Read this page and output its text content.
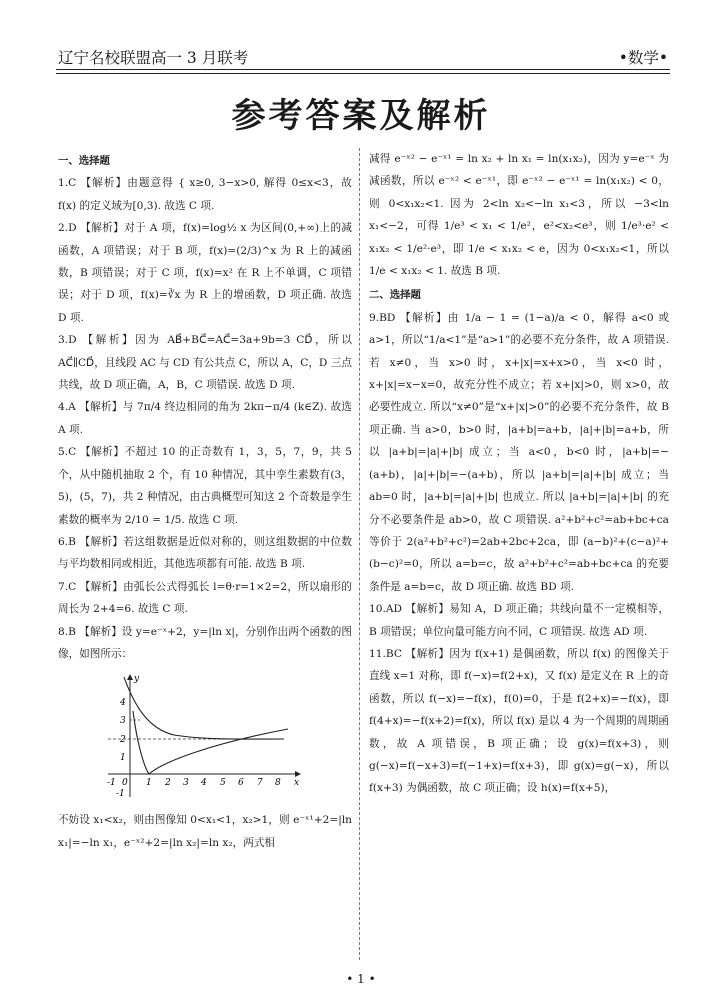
辽宁名校联盟高一 3 月联考	•数学•
参考答案及解析

一、选择题

1.C 【解析】由题意得 { x≥0, 3−x>0, 解得 0≤x<3，故 f(x) 的定义域为[0,3). 故选 C 项.

2.D 【解析】对于 A 项，f(x)=log½ x 为区间(0,+∞)上的减函数，A 项错误；对于 B 项，f(x)=(2/3)^x 为 R 上的减函数，B 项错误；对于 C 项，f(x)=x² 在 R 上不单调，C 项错误；对于 D 项，f(x)=∛x 为 R 上的增函数，D 项正确. 故选 D 项.

3.D 【解析】因为 AB⃗+BC⃗=AC⃗=3a+9b=3 CD⃗，所以 AC⃗∥CD⃗，且线段 AC 与 CD 有公共点 C，所以 A，C，D 三点共线，故 D 项正确，A，B，C 项错误. 故选 D 项.

4.A 【解析】与 7π/4 终边相同的角为 2kπ−π/4 (k∈Z). 故选 A 项.

5.C 【解析】不超过 10 的正奇数有 1，3，5，7，9，共 5 个，从中随机抽取 2 个，有 10 种情况，其中孪生素数有(3，5)，(5，7)，共 2 种情况，由古典概型可知这 2 个奇数是孪生素数的概率为 2/10 = 1/5. 故选 C 项.

6.B 【解析】若这组数据是近似对称的，则这组数据的中位数与平均数相同或相近，其他选项都有可能. 故选 B 项.

7.C 【解析】由弧长公式得弧长 l=θ·r=1×2=2，所以扇形的周长为 2+4=6. 故选 C 项.

8.B 【解析】设 y=e⁻ˣ+2，y=|ln x|，分别作出两个函数的图像，如图所示：

y
x
4
3
2
1
-1
-1 0 1 2 3 4 5 6 7 8

不妨设 x₁<x₂，则由图像知 0<x₁<1，x₂>1，则 e⁻ˣ¹+2=|ln x₁|=−ln x₁，e⁻ˣ²+2=|ln x₂|=ln x₂，两式相

减得 e⁻ˣ² − e⁻ˣ¹ = ln x₂ + ln x₁ = ln(x₁x₂)，因为 y=e⁻ˣ 为减函数，所以 e⁻ˣ² < e⁻ˣ¹，即 e⁻ˣ² − e⁻ˣ¹ = ln(x₁x₂) < 0，则 0<x₁x₂<1. 因为 2<ln x₂<−ln x₁<3，所以 −3<ln x₁<−2，可得 1/e³ < x₁ < 1/e²，e²<x₂<e³，则 1/e³·e² < x₁x₂ < 1/e²·e³，即 1/e < x₁x₂ < e，因为 0<x₁x₂<1，所以 1/e < x₁x₂ < 1. 故选 B 项.

二、选择题

9.BD 【解析】由 1/a − 1 = (1−a)/a < 0，解得 a<0 或 a>1，所以“1/a<1”是“a>1”的必要不充分条件，故 A 项错误. 若 x≠0，当 x>0 时，x+|x|=x+x>0，当 x<0 时，x+|x|=x−x=0，故充分性不成立；若 x+|x|>0，则 x>0，故必要性成立. 所以“x≠0”是“x+|x|>0”的必要不充分条件，故 B 项正确. 当 a>0，b>0 时，|a+b|=a+b，|a|+|b|=a+b，所以 |a+b|=|a|+|b| 成立；当 a<0，b<0 时，|a+b|=−(a+b)，|a|+|b|=−(a+b)，所以 |a+b|=|a|+|b| 成立；当 ab=0 时，|a+b|=|a|+|b| 也成立. 所以 |a+b|=|a|+|b| 的充分不必要条件是 ab>0，故 C 项错误. a²+b²+c²=ab+bc+ca 等价于 2(a²+b²+c²)=2ab+2bc+2ca，即 (a−b)²+(c−a)²+(b−c)²=0，所以 a=b=c，故 a²+b²+c²=ab+bc+ca 的充要条件是 a=b=c，故 D 项正确. 故选 BD 项.

10.AD 【解析】易知 A，D 项正确；共线向量不一定模相等，B 项错误；单位向量可能方向不同，C 项错误. 故选 AD 项.

11.BC 【解析】因为 f(x+1) 是偶函数，所以 f(x) 的图像关于直线 x=1 对称，即 f(−x)=f(2+x)，又 f(x) 是定义在 R 上的奇函数，所以 f(−x)=−f(x)，f(0)=0，于是 f(2+x)=−f(x)，即 f(4+x)=−f(x+2)=f(x)，所以 f(x) 是以 4 为一个周期的周期函数，故 A 项错误，B 项正确；设 g(x)=f(x+3)，则 g(−x)=f(−x+3)=f(−1+x)=f(x+3)，即 g(x)=g(−x)，所以 f(x+3) 为偶函数，故 C 项正确；设 h(x)=f(x+5)，

• 1 •
